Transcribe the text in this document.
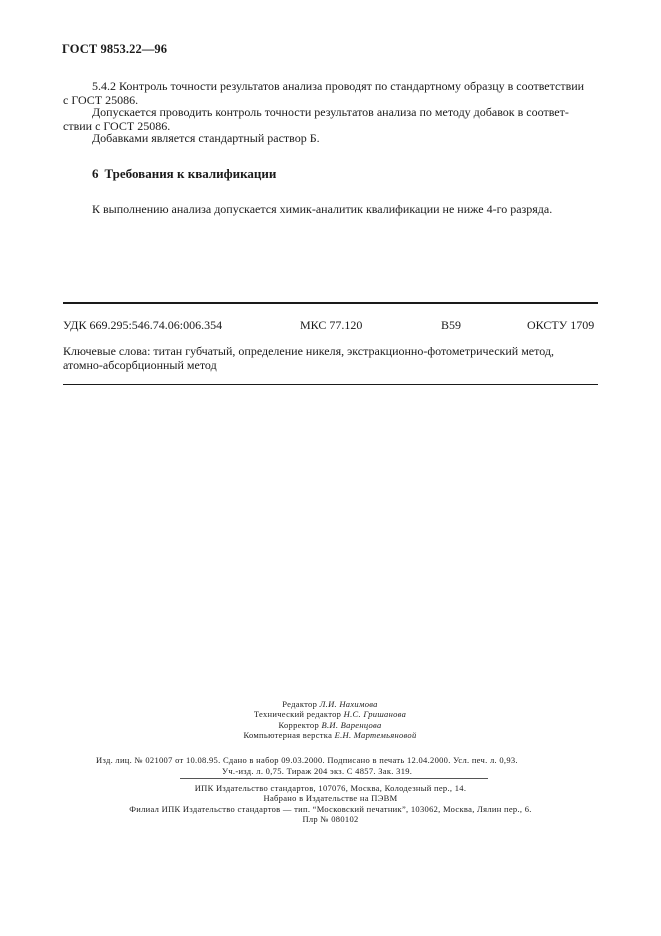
ГОСТ 9853.22—96
5.4.2 Контроль точности результатов анализа проводят по стандартному образцу в соответствии
с ГОСТ 25086.
Допускается проводить контроль точности результатов анализа по методу добавок в соответ-
ствии с ГОСТ 25086.
Добавками является стандартный раствор Б.
6 Требования к квалификации
К выполнению анализа допускается химик-аналитик квалификации не ниже 4-го разряда.
УДК 669.295:546.74.06:006.354	МКС 77.120	В59	ОКСТУ 1709
Ключевые слова: титан губчатый, определение никеля, экстракционно-фотометрический метод,
атомно-абсорбционный метод
Редактор Л.И. Нахимова
Технический редактор Н.С. Гришанова
Корректор В.И. Варенцова
Компьютерная верстка Е.Н. Мартемьяновой
Изд. лиц. № 021007 от 10.08.95. Сдано в набор 09.03.2000. Подписано в печать 12.04.2000. Усл. печ. л. 0,93.
Уч.-изд. л. 0,75. Тираж 204 экз. С 4857. Зак. 319.
ИПК Издательство стандартов, 107076, Москва, Колодезный пер., 14.
Набрано в Издательстве на ПЭВМ
Филиал ИПК Издательство стандартов — тип. “Московский печатник”, 103062, Москва, Лялин пер., 6.
Плр № 080102
